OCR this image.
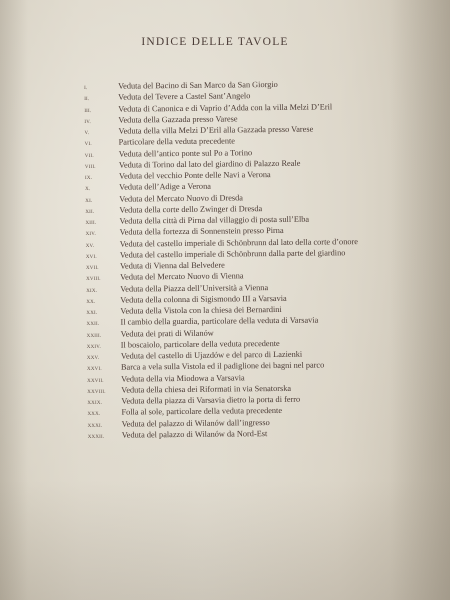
INDICE DELLE TAVOLE
I.	Veduta del Bacino di San Marco da San Giorgio
II.	Veduta del Tevere a Castel Sant’Angelo
III.	Veduta di Canonica e di Vaprio d’Adda con la villa Melzi D’Eril
IV.	Veduta della Gazzada presso Varese
V.	Veduta della villa Melzi D’Eril alla Gazzada presso Varese
VI.	Particolare della veduta precedente
VII.	Veduta dell’antico ponte sul Po a Torino
VIII.	Veduta di Torino dal lato del giardino di Palazzo Reale
IX.	Veduta del vecchio Ponte delle Navi a Verona
X.	Veduta dell’Adige a Verona
XI.	Veduta del Mercato Nuovo di Dresda
XII.	Veduta della corte dello Zwinger di Dresda
XIII.	Veduta della città di Pirna dal villaggio di posta sull’Elba
XIV.	Veduta della fortezza di Sonnenstein presso Pirna
XV.	Veduta del castello imperiale di Schönbrunn dal lato della corte d’onore
XVI.	Veduta del castello imperiale di Schönbrunn dalla parte del giardino
XVII.	Veduta di Vienna dal Belvedere
XVIII.	Veduta del Mercato Nuovo di Vienna
XIX.	Veduta della Piazza dell’Università a Vienna
XX.	Veduta della colonna di Sigismondo III a Varsavia
XXI.	Veduta della Vistola con la chiesa dei Bernardini
XXII.	Il cambio della guardia, particolare della veduta di Varsavia
XXIII.	Veduta dei prati di Wilanów
XXIV.	Il boscaiolo, particolare della veduta precedente
XXV.	Veduta del castello di Ujazdów e del parco di Lazienki
XXVI.	Barca a vela sulla Vistola ed il padiglione dei bagni nel parco
XXVII.	Veduta della via Miodowa a Varsavia
XXVIII.	Veduta della chiesa dei Riformati in via Senatorska
XXIX.	Veduta della piazza di Varsavia dietro la porta di ferro
XXX.	Folla al sole, particolare della veduta precedente
XXXI.	Veduta del palazzo di Wilanów dall’ingresso
XXXII.	Veduta del palazzo di Wilanów da Nord-Est
